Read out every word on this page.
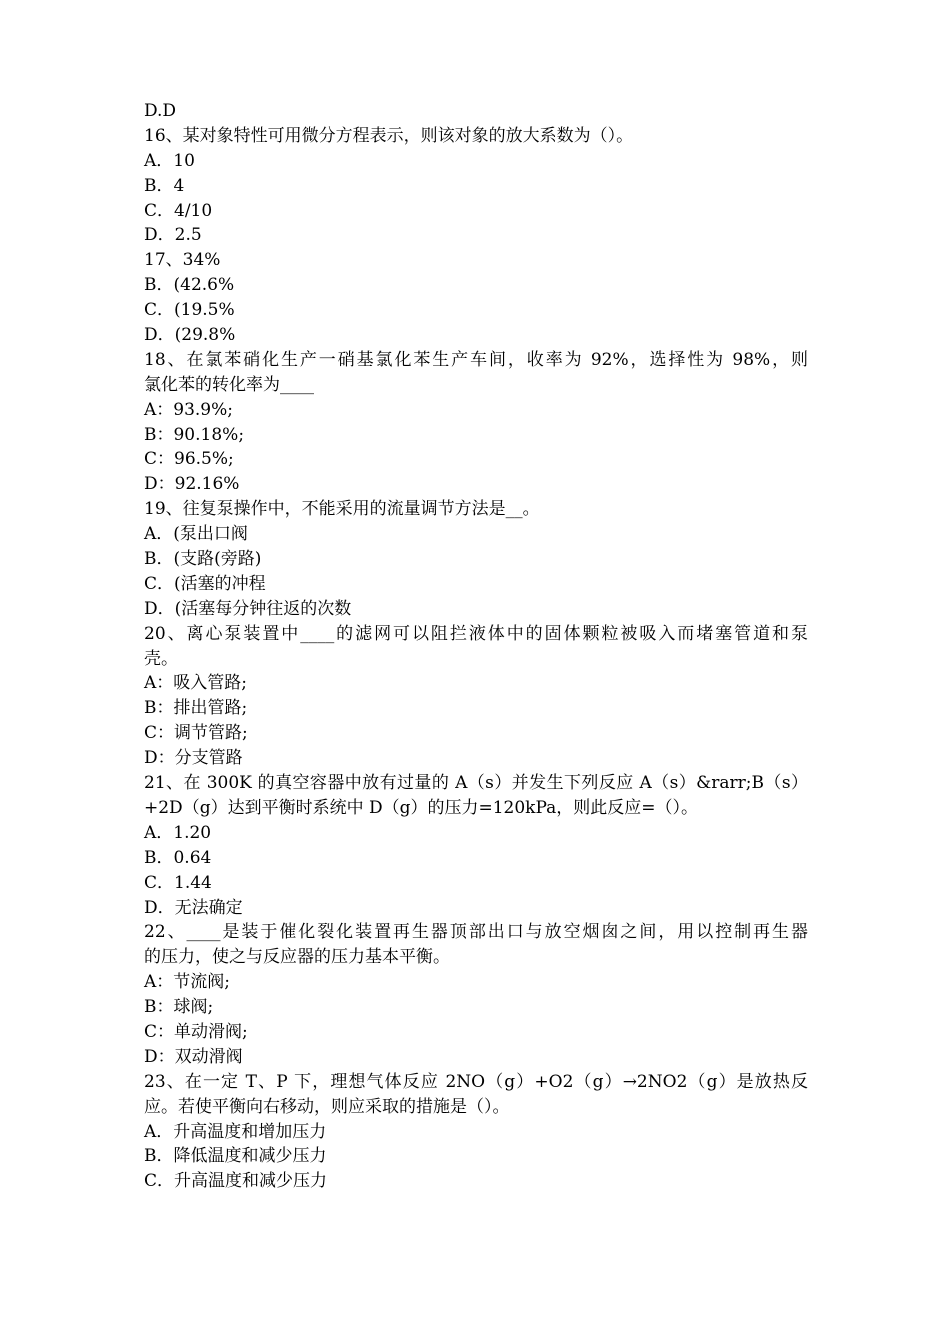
D.D

16、某对象特性可用微分方程表示，则该对象的放大系数为（）。

A．10

B．4

C．4/10

D．2.5

17、34%

B．(42.6%

C．(19.5%

D．(29.8%

18、在氯苯硝化生产一硝基氯化苯生产车间，收率为 92%，选择性为 98%，则

氯化苯的转化率为____

A：93.9%;

B：90.18%;

C：96.5%;

D：92.16%

19、往复泵操作中，不能采用的流量调节方法是__。

A．(泵出口阀

B．(支路(旁路)

C．(活塞的冲程

D．(活塞每分钟往返的次数

20、离心泵装置中____的滤网可以阻拦液体中的固体颗粒被吸入而堵塞管道和泵

壳。

A：吸入管路;

B：排出管路;

C：调节管路;

D：分支管路

21、在 300K 的真空容器中放有过量的 A（s）并发生下列反应 A（s）&rarr;B（s）

+2D（g）达到平衡时系统中 D（g）的压力=120kPa，则此反应=（）。

A．1.20

B．0.64

C．1.44

D．无法确定

22、____是装于催化裂化装置再生器顶部出口与放空烟囱之间，用以控制再生器

的压力，使之与反应器的压力基本平衡。

A：节流阀;

B：球阀;

C：单动滑阀;

D：双动滑阀

23、在一定 T、P 下，理想气体反应 2NO（g）+O2（g）→2NO2（g）是放热反

应。若使平衡向右移动，则应采取的措施是（）。

A．升高温度和增加压力

B．降低温度和减少压力

C．升高温度和减少压力
